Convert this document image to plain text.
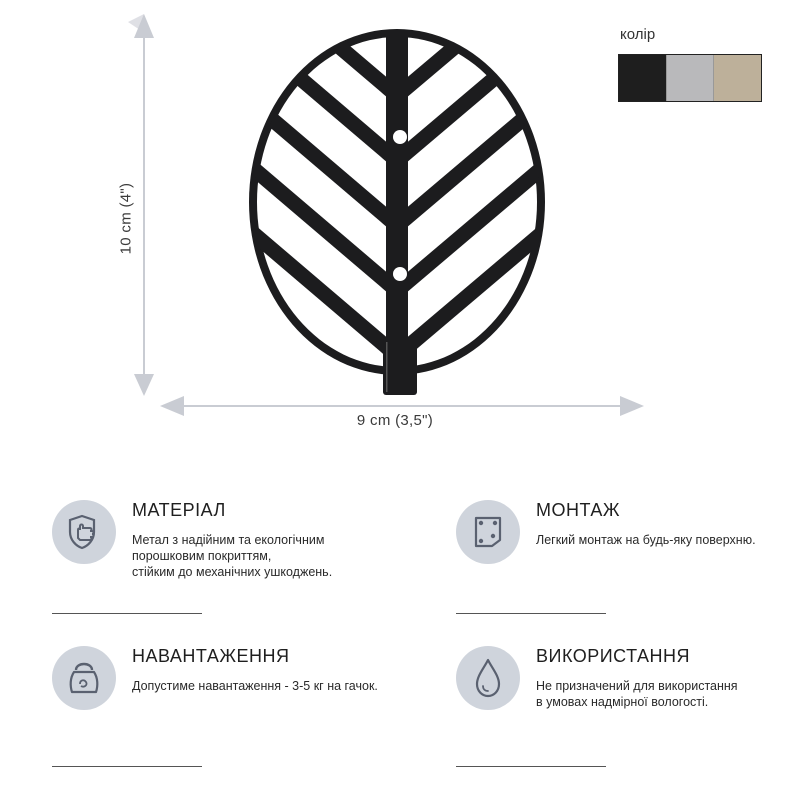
9 cm (3,5")
10 cm (4")
колір
МАТЕРІАЛ

Метал з надійним та екологічним
порошковим покриттям,
стійким до механічних ушкоджень.

МОНТАЖ

Легкий монтаж на будь-яку поверхню.

НАВАНТАЖЕННЯ

Допустиме навантаження - 3-5 кг на гачок.

ВИКОРИСТАННЯ

Не призначений для використання
в умовах надмірної вологості.
